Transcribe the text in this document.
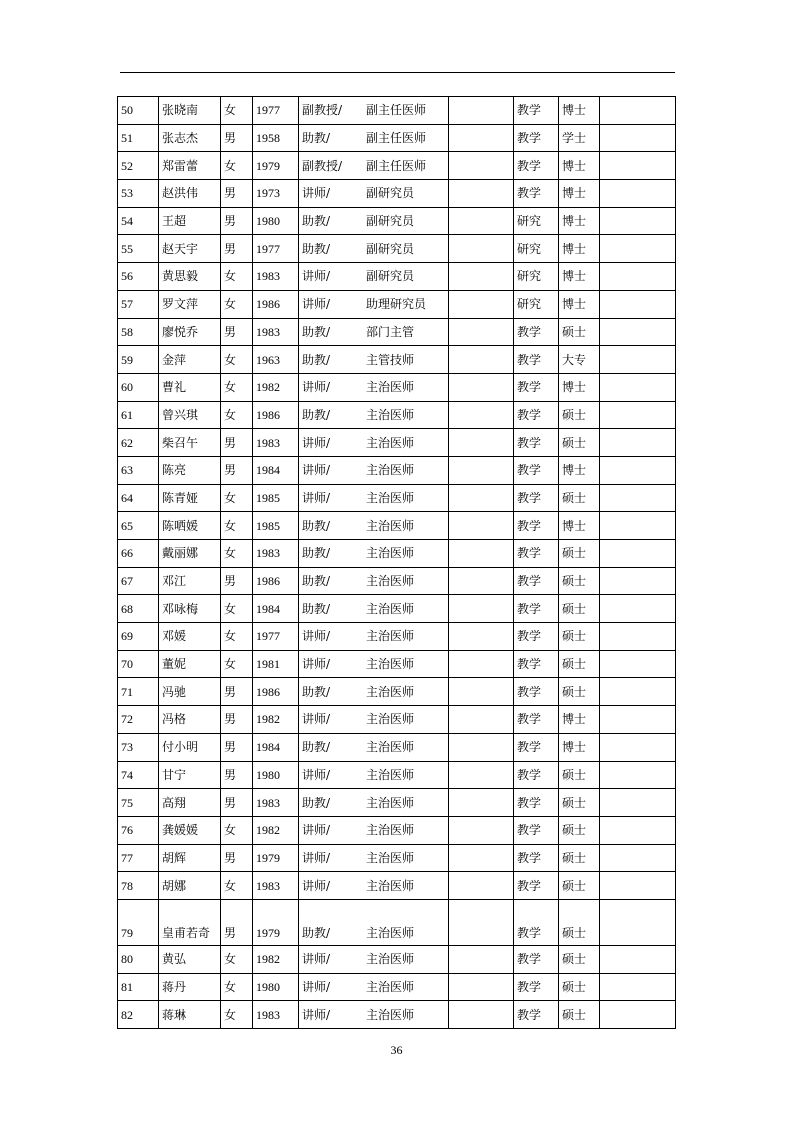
50	张晓南	女	1977	副教授/ 副主任医师		教学	博士	
51	张志杰	男	1958	助教/ 副主任医师		教学	学士	
52	郑雷蕾	女	1979	副教授/ 副主任医师		教学	博士	
53	赵洪伟	男	1973	讲师/ 副研究员		教学	博士	
54	王超	男	1980	助教/ 副研究员		研究	博士	
55	赵天宇	男	1977	助教/ 副研究员		研究	博士	
56	黄思毅	女	1983	讲师/ 副研究员		研究	博士	
57	罗文萍	女	1986	讲师/ 助理研究员		研究	博士	
58	廖悦乔	男	1983	助教/ 部门主管		教学	硕士	
59	金萍	女	1963	助教/ 主管技师		教学	大专	
60	曹礼	女	1982	讲师/ 主治医师		教学	博士	
61	曾兴琪	女	1986	助教/ 主治医师		教学	硕士	
62	柴召午	男	1983	讲师/ 主治医师		教学	硕士	
63	陈亮	男	1984	讲师/ 主治医师		教学	博士	
64	陈青娅	女	1985	讲师/ 主治医师		教学	硕士	
65	陈哂媛	女	1985	助教/ 主治医师		教学	博士	
66	戴丽娜	女	1983	助教/ 主治医师		教学	硕士	
67	邓江	男	1986	助教/ 主治医师		教学	硕士	
68	邓咏梅	女	1984	助教/ 主治医师		教学	硕士	
69	邓媛	女	1977	讲师/ 主治医师		教学	硕士	
70	董妮	女	1981	讲师/ 主治医师		教学	硕士	
71	冯驰	男	1986	助教/ 主治医师		教学	硕士	
72	冯格	男	1982	讲师/ 主治医师		教学	博士	
73	付小明	男	1984	助教/ 主治医师		教学	博士	
74	甘宁	男	1980	讲师/ 主治医师		教学	硕士	
75	高翔	男	1983	助教/ 主治医师		教学	硕士	
76	龚媛媛	女	1982	讲师/ 主治医师		教学	硕士	
77	胡辉	男	1979	讲师/ 主治医师		教学	硕士	
78	胡娜	女	1983	讲师/ 主治医师		教学	硕士	
79	皇甫若奇	男	1979	助教/ 主治医师		教学	硕士	
80	黄弘	女	1982	讲师/ 主治医师		教学	硕士	
81	蒋丹	女	1980	讲师/ 主治医师		教学	硕士	
82	蒋琳	女	1983	讲师/ 主治医师		教学	硕士	
36
